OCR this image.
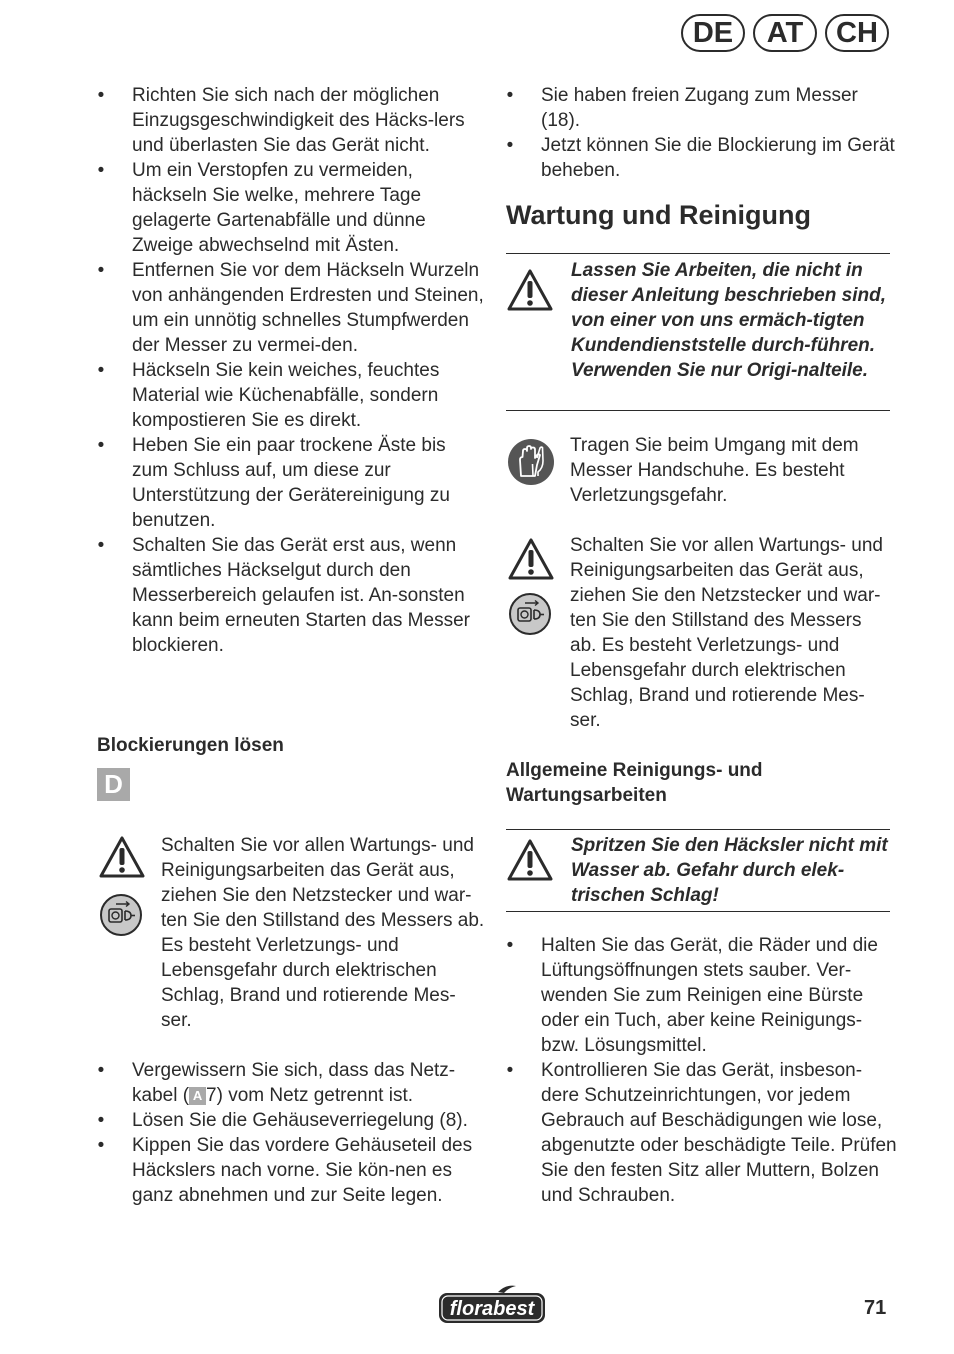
DE	AT	CH
• Richten Sie sich nach der möglichen Einzugsgeschwindigkeit des Häcks-lers und überlasten Sie das Gerät nicht.
• Um ein Verstopfen zu vermeiden, häckseln Sie welke, mehrere Tage gelagerte Gartenabfälle und dünne Zweige abwechselnd mit Ästen.
• Entfernen Sie vor dem Häckseln Wurzeln von anhängenden Erdresten und Steinen, um ein unnötig schnelles Stumpfwerden der Messer zu vermei-den.
• Häckseln Sie kein weiches, feuchtes Material wie Küchenabfälle, sondern kompostieren Sie es direkt.
• Heben Sie ein paar trockene Äste bis zum Schluss auf, um diese zur Unterstützung der Gerätereinigung zu benutzen.
• Schalten Sie das Gerät erst aus, wenn sämtliches Häckselgut durch den Messerbereich gelaufen ist. An-sonsten kann beim erneuten Starten das Messer blockieren.
Blockierungen lösen
D
Schalten Sie vor allen Wartungs- und Reinigungsarbeiten das Gerät aus, ziehen Sie den Netzstecker und war-ten Sie den Stillstand des Messers ab. Es besteht Verletzungs- und Lebensgefahr durch elektrischen Schlag, Brand und rotierende Mes-ser.
• Vergewissern Sie sich, dass das Netz-kabel ( A 7) vom Netz getrennt ist.
• Lösen Sie die Gehäuseverriegelung (8).
• Kippen Sie das vordere Gehäuseteil des Häckslers nach vorne. Sie kön-nen es ganz abnehmen und zur Seite legen.
• Sie haben freien Zugang zum Messer (18).
• Jetzt können Sie die Blockierung im Gerät beheben.
Wartung und Reinigung
Lassen Sie Arbeiten, die nicht in dieser Anleitung beschrieben sind, von einer von uns ermäch-tigten Kundendienststelle durch-führen. Verwenden Sie nur Origi-nalteile.
Tragen Sie beim Umgang mit dem Messer Handschuhe. Es besteht Verletzungsgefahr.
Schalten Sie vor allen Wartungs- und Reinigungsarbeiten das Gerät aus, ziehen Sie den Netzstecker und war-ten Sie den Stillstand des Messers ab. Es besteht Verletzungs- und Lebensgefahr durch elektrischen Schlag, Brand und rotierende Mes-ser.
Allgemeine Reinigungs- und Wartungsarbeiten
Spritzen Sie den Häcksler nicht mit Wasser ab. Gefahr durch elek-trischen Schlag!
• Halten Sie das Gerät, die Räder und die Lüftungsöffnungen stets sauber. Ver-wenden Sie zum Reinigen eine Bürste oder ein Tuch, aber keine Reinigungs-bzw. Lösungsmittel.
• Kontrollieren Sie das Gerät, insbeson-dere Schutzeinrichtungen, vor jedem Gebrauch auf Beschädigungen wie lose, abgenutzte oder beschädigte Teile. Prüfen Sie den festen Sitz aller Muttern, Bolzen und Schrauben.
florabest	71
